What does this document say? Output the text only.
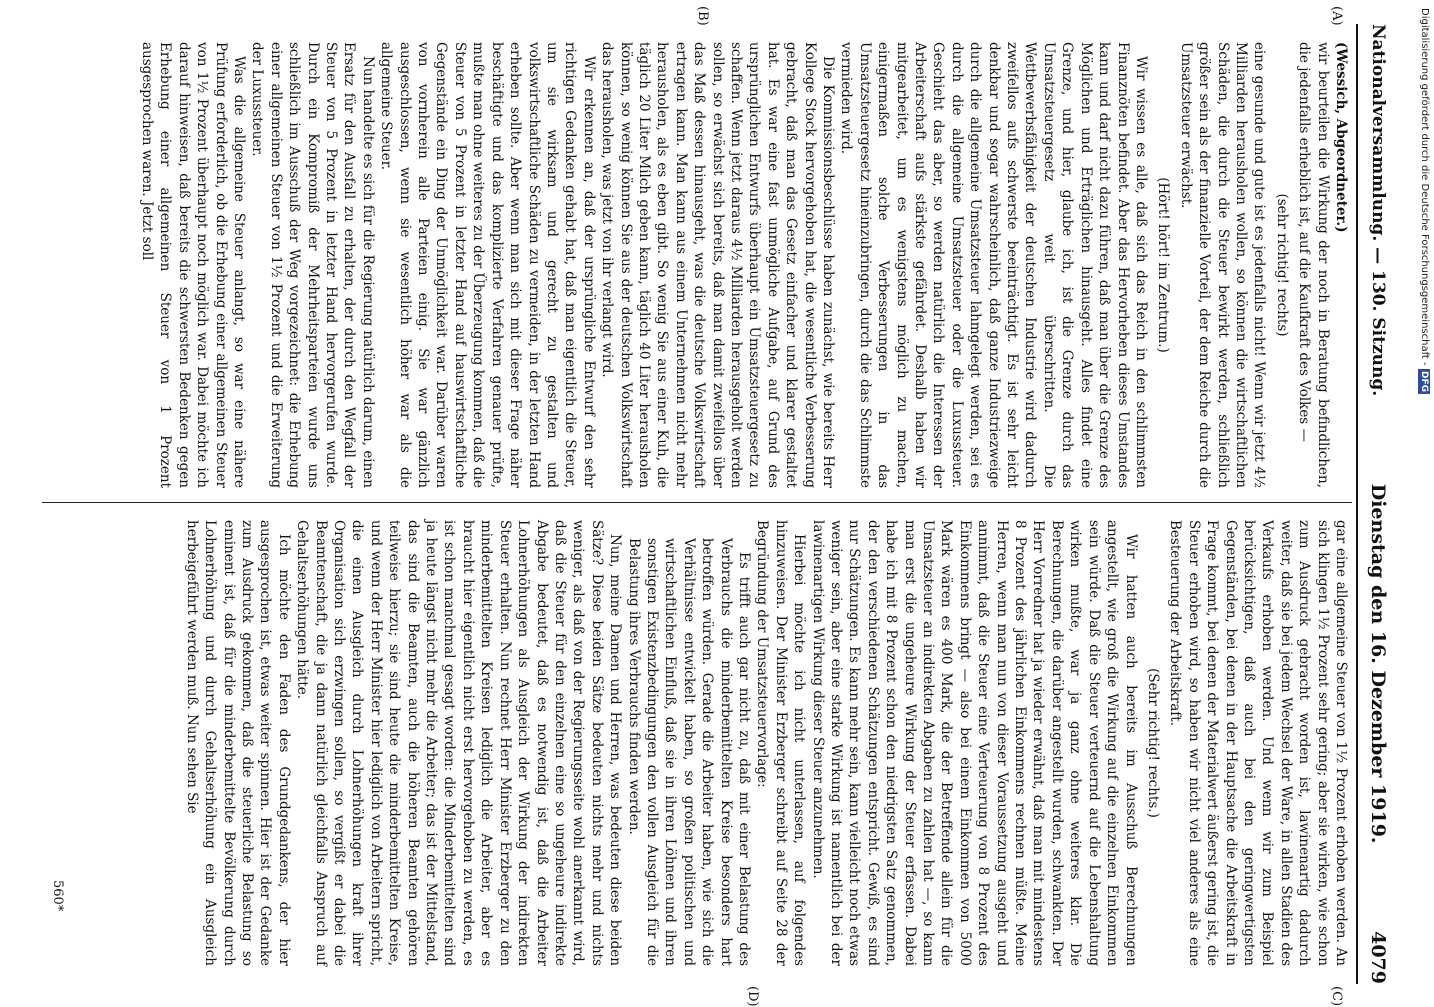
Nationalversammlung. — 130. Sitzung.
Dienstag den 16. Dezember 1919.
4079
(A)
(B)
(C)
(D)

(Wessich, Abgeordneter.)

wir beurteilen die Wirkung der noch in Beratung befindlichen, die jedenfalls erheblich ist, auf die Kaufkraft des Volkes —

(sehr richtig! rechts)

eine gesunde und gute ist es jedenfalls nicht! Wenn wir jetzt 4½ Milliarden herausholen wollen, so können die wirtschaftlichen Schäden, die durch die Steuer bewirkt werden, schließlich größer sein als der finanzielle Vorteil, der dem Reiche durch die Umsatzsteuer erwächst.

(Hört! hört! im Zentrum.)

Wir wissen es alle, daß sich das Reich in den schlimmsten Finanznöten befindet. Aber das Hervorheben dieses Umstandes kann und darf nicht dazu führen, daß man über die Grenze des Möglichen und Erträglichen hinausgeht. Alles findet eine Grenze, und hier, glaube ich, ist die Grenze durch das Umsatzsteuergesetz weit überschritten. Die Wettbewerbsfähigkeit der deutschen Industrie wird dadurch zweifellos aufs schwerste beeinträchtigt. Es ist sehr leicht denkbar und sogar wahrscheinlich, daß ganze Industriezweige durch die allgemeine Umsatzsteuer lahmgelegt werden, sei es durch die allgemeine Umsatzsteuer oder die Luxussteuer. Geschieht das aber, so werden natürlich die Interessen der Arbeiterschaft aufs stärkste gefährdet. Deshalb haben wir mitgearbeitet, um es wenigstens möglich zu machen, einigermaßen solche Verbesserungen in das Umsatzsteuergesetz hineinzubringen, durch die das Schlimmste vermieden wird.

Die Kommissionsbeschlüsse haben zunächst, wie bereits Herr Kollege Stock hervorgehoben hat, die wesentliche Verbesserung gebracht, daß man das Gesetz einfacher und klarer gestaltet hat. Es war eine fast unmögliche Aufgabe, auf Grund des ursprünglichen Entwurfs überhaupt ein Umsatzsteuergesetz zu schaffen. Wenn jetzt daraus 4½ Milliarden herausgeholt werden sollen, so erwächst sich bereits, daß man damit zweifellos über das Maß dessen hinausgeht, was die deutsche Volkswirtschaft ertragen kann. Man kann aus einem Unternehmen nicht mehr herausholen, als es eben gibt. So wenig Sie aus einer Kuh, die täglich 20 Liter Milch geben kann, täglich 40 Liter herausholen können, so wenig können Sie aus der deutschen Volkswirtschaft das herausholen, was jetzt von ihr verlangt wird.

Wir erkennen an, daß der ursprüngliche Entwurf den sehr richtigen Gedanken gehabt hat, daß man eigentlich die Steuer, um sie wirksam und gerecht zu gestalten und volkswirtschaftliche Schäden zu vermeiden, in der letzten Hand erheben sollte. Aber wenn man sich mit dieser Frage näher beschäftigte und das komplizierte Verfahren genauer prüfte, mußte man ohne weiteres zu der Überzeugung kommen, daß die Steuer von 5 Prozent in letzter Hand auf hauswirtschaftliche Gegenstände ein Ding der Unmöglichkeit war. Darüber waren von vornherein alle Parteien einig. Sie war gänzlich ausgeschlossen, wenn sie wesentlich höher war als die allgemeine Steuer.

Nun handelte es sich für die Regierung natürlich darum, einen Ersatz für den Ausfall zu erhalten, der durch den Wegfall der Steuer von 5 Prozent in letzter Hand hervorgerufen wurde. Durch ein Kompromiß der Mehrheitsparteien wurde uns schließlich im Ausschuß der Weg vorgezeichnet: die Erhebung einer allgemeinen Steuer von 1½ Prozent und die Erweiterung der Luxussteuer.

Was die allgemeine Steuer anlangt, so war eine nähere Prüfung erforderlich, ob die Erhebung einer allgemeinen Steuer von 1½ Prozent überhaupt noch möglich war. Dabei möchte ich darauf hinweisen, daß bereits die schwersten Bedenken gegen Erhebung einer allgemeinen Steuer von 1 Prozent ausgesprochen waren. Jetzt soll

gar eine allgemeine Steuer von 1½ Prozent erhoben werden. An sich klingen 1½ Prozent sehr gering; aber sie wirken, wie schon zum Ausdruck gebracht worden ist, lawinenartig dadurch weiter, daß sie bei jedem Wechsel der Ware, in allen Stadien des Verkaufs erhoben werden. Und wenn wir zum Beispiel berücksichtigen, daß auch bei den geringwertigsten Gegenständen, bei denen in der Hauptsache die Arbeitskraft in Frage kommt, bei denen der Materialwert äußerst gering ist, die Steuer erhoben wird, so haben wir nicht viel anderes als eine Besteuerung der Arbeitskraft.

(Sehr richtig! rechts.)

Wir hatten auch bereits im Ausschuß Berechnungen angestellt, wie groß die Wirkung auf die einzelnen Einkommen sein würde. Daß die Steuer verteuernd auf die Lebenshaltung wirken mußte, war ja ganz ohne weiteres klar. Die Berechnungen, die darüber angestellt wurden, schwankten. Der Herr Vorredner hat ja wieder erwähnt, daß man mit mindestens 8 Prozent des jährlichen Einkommens rechnen müßte. Meine Herren, wenn man nun von dieser Voraussetzung ausgeht und annimmt, daß die Steuer eine Verteuerung von 8 Prozent des Einkommens bringt — also bei einem Einkommen von 5000 Mark wären es 400 Mark, die der Betreffende allein für die Umsatzsteuer an indirekten Abgaben zu zahlen hat —, so kann man erst die ungeheure Wirkung der Steuer erfassen. Dabei habe ich mit 8 Prozent schon den niedrigsten Satz genommen, der den verschiedenen Schätzungen entspricht. Gewiß, es sind nur Schätzungen. Es kann mehr sein, kann vielleicht noch etwas weniger sein, aber eine starke Wirkung ist namentlich bei der lawinenartigen Wirkung dieser Steuer anzunehmen.

Hierbei möchte ich nicht unterlassen, auf folgendes hinzuweisen. Der Minister Erzberger schreibt auf Seite 28 der Begründung der Umsatzsteuervorlage:

Es trifft auch gar nicht zu, daß mit einer Belastung des Verbrauchs die minderbemittelten Kreise besonders hart betroffen würden. Gerade die Arbeiter haben, wie sich die Verhältnisse entwickelt haben, so großen politischen und wirtschaftlichen Einfluß, daß sie in ihren Löhnen und ihren sonstigen Existenzbedingungen den vollen Ausgleich für die Belastung ihres Verbrauchs finden werden.

Nun, meine Damen und Herren, was bedeuten diese beiden Sätze? Diese beiden Sätze bedeuten nichts mehr und nichts weniger, als daß von der Regierungsseite wohl anerkannt wird, daß die Steuer für den einzelnen eine so ungeheure indirekte Abgabe bedeutet, daß es notwendig ist, daß die Arbeiter Lohnerhöhungen als Ausgleich der Wirkung der indirekten Steuer erhalten. Nun rechnet Herr Minister Erzberger zu den minderbemittelten Kreisen lediglich die Arbeiter, aber es braucht hier eigentlich nicht erst hervorgehoben zu werden, es ist schon manchmal gesagt worden: die Minderbemittelten sind ja heute längst nicht mehr die Arbeiter; das ist der Mittelstand, das sind die Beamten, auch die höheren Beamten gehören teilweise hierzu; sie sind heute die minderbemittelten Kreise, und wenn der Herr Minister hier lediglich von Arbeitern spricht, die einen Ausgleich durch Lohnerhöhungen kraft ihrer Organisation sich erzwingen sollen, so vergißt er dabei die Beamtenschaft, die ja dann natürlich gleichfalls Anspruch auf Gehaltserhöhungen hätte.

Ich möchte den Faden des Grundgedankens, der hier ausgesprochen ist, etwas weiter spinnen. Hier ist der Gedanke zum Ausdruck gekommen, daß die steuerliche Belastung so eminent ist, daß für die minderbemittelte Bevölkerung durch Lohnerhöhung und durch Gehaltserhöhung ein Ausgleich herbeigeführt werden muß. Nun sehen Sie

560*
Digitalisierung gefördert durch die Deutsche Forschungsgemeinschaft - DFG
